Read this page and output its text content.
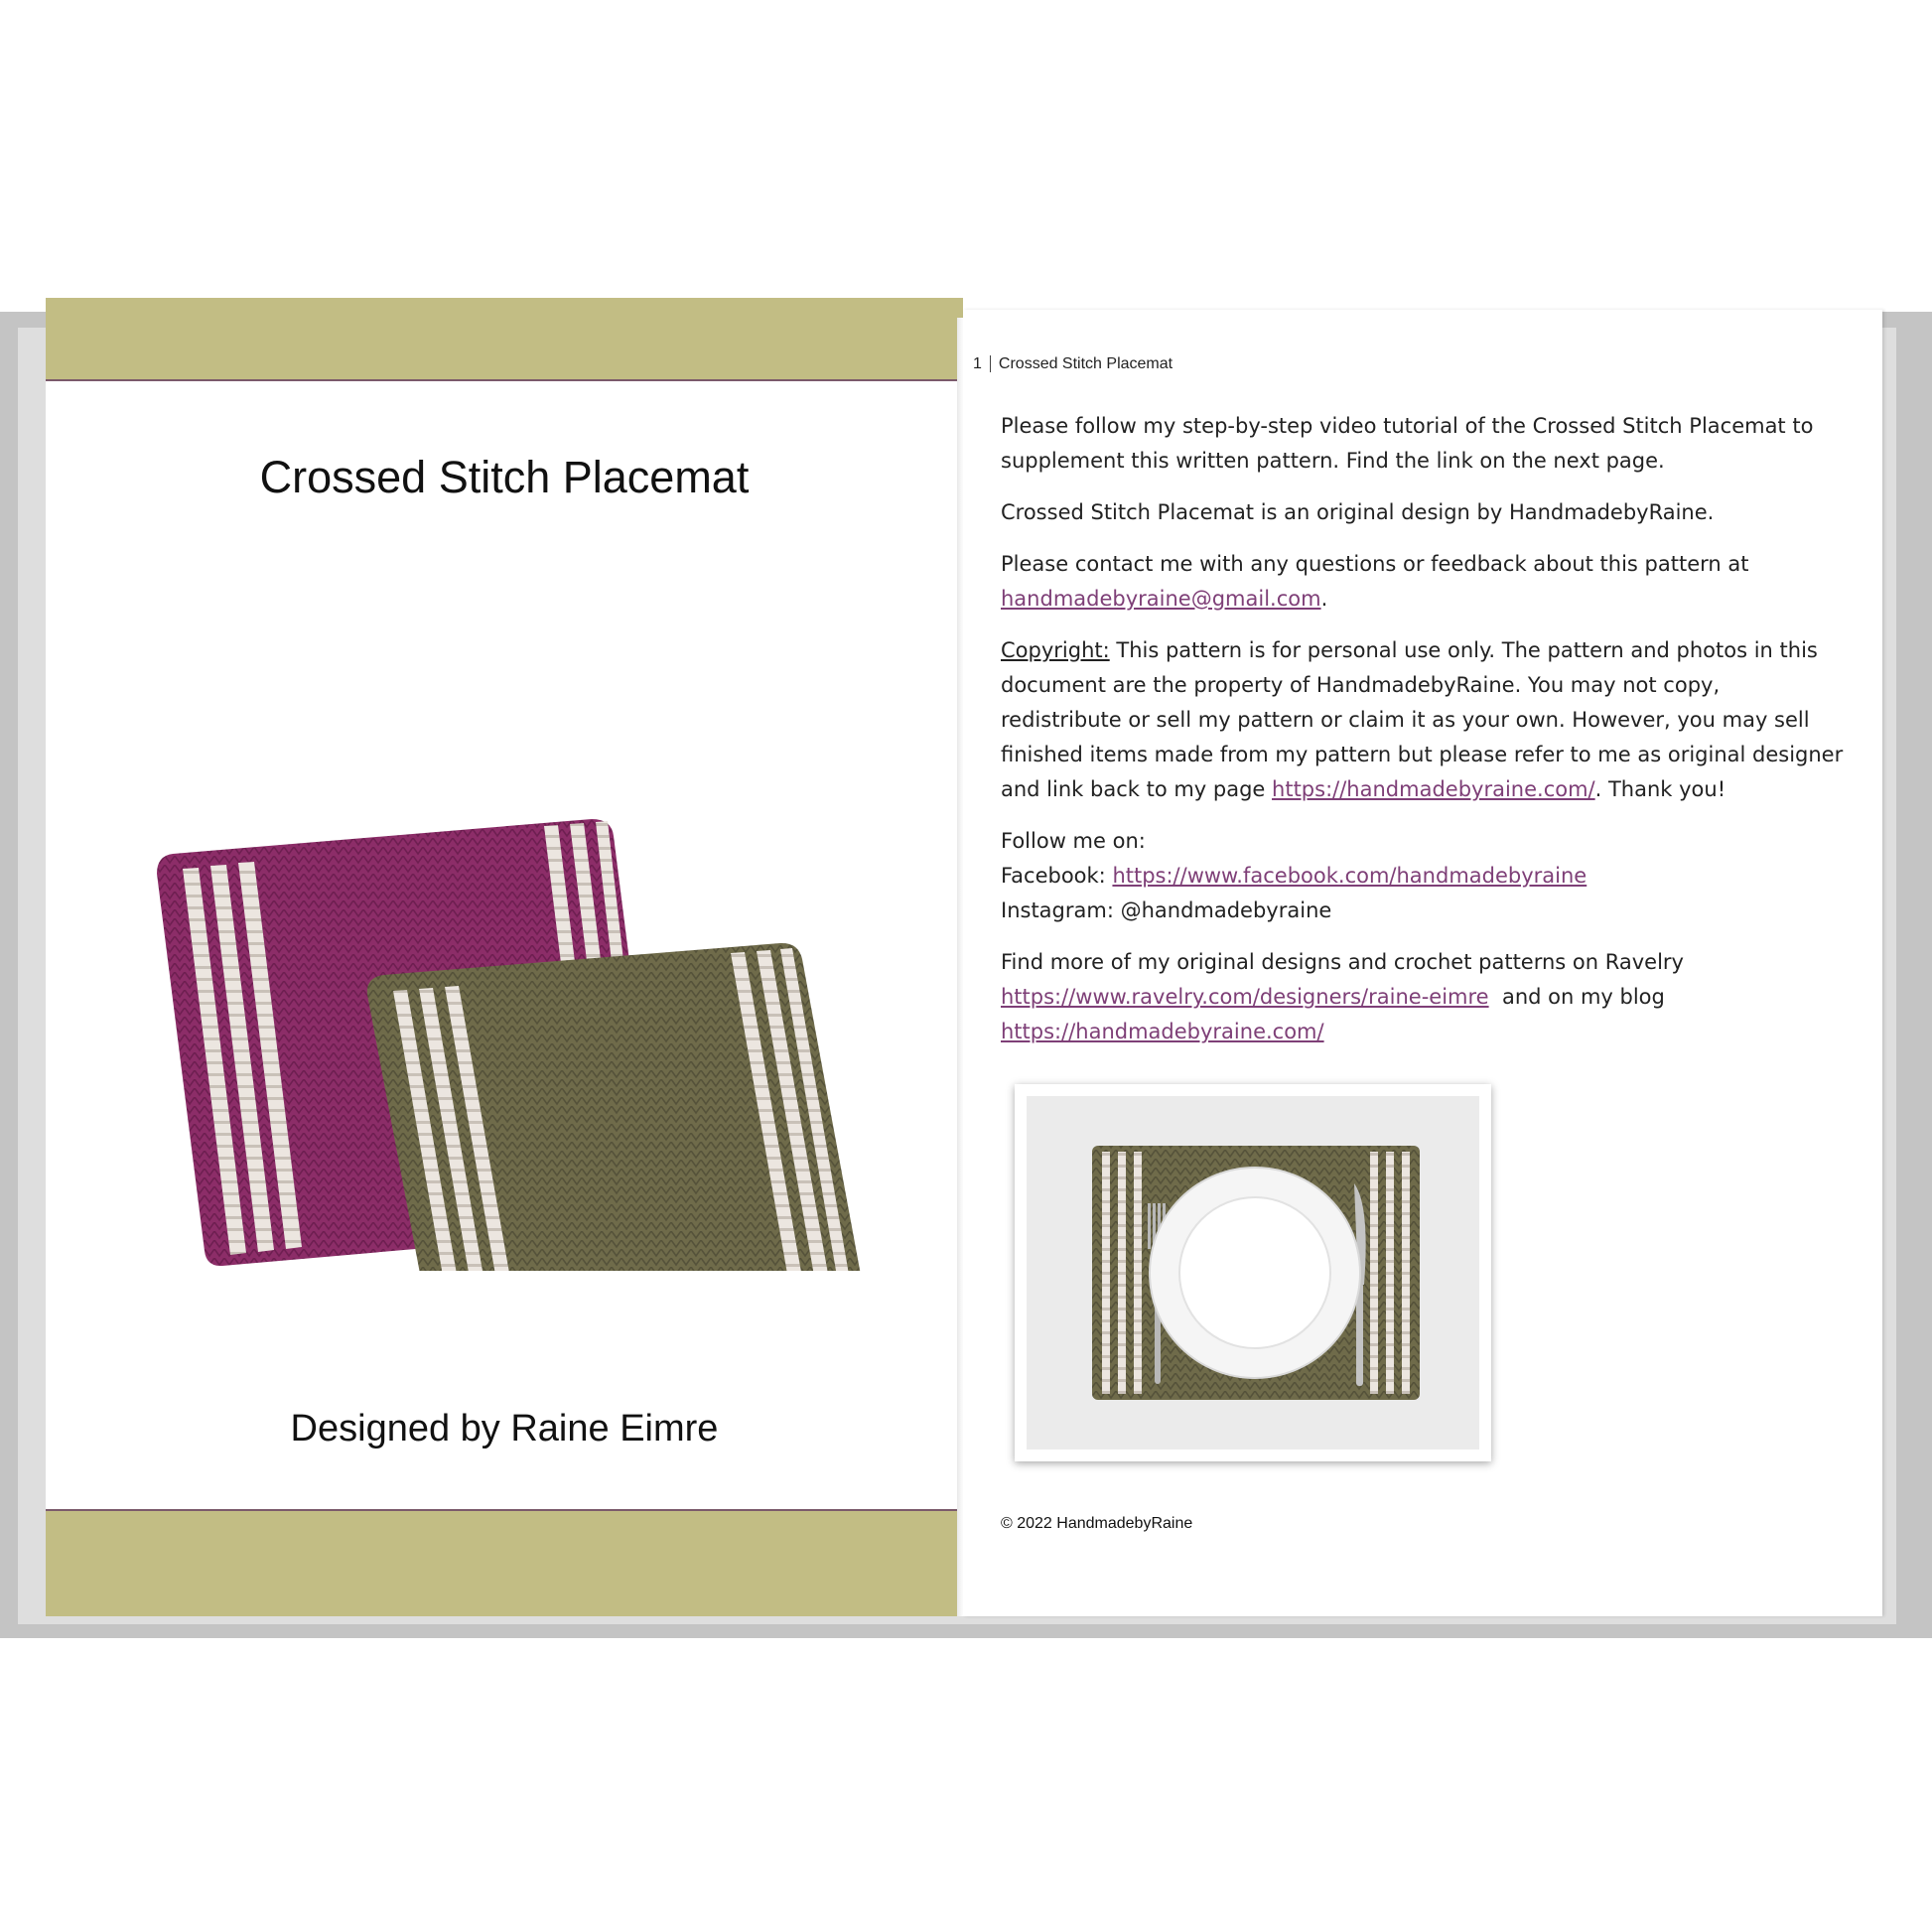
Crossed Stitch Placemat
Designed by Raine Eimre
1 Crossed Stitch Placemat

Please follow my step-by-step video tutorial of the Crossed Stitch Placemat to supplement this written pattern. Find the link on the next page.

Crossed Stitch Placemat is an original design by HandmadebyRaine.

Please contact me with any questions or feedback about this pattern at
handmadebyraine@gmail.com.

Copyright: This pattern is for personal use only. The pattern and photos in this document are the property of HandmadebyRaine. You may not copy, redistribute or sell my pattern or claim it as your own. However, you may sell finished items made from my pattern but please refer to me as original designer and link back to my page https://handmadebyraine.com/. Thank you!

Follow me on:
Facebook: https://www.facebook.com/handmadebyraine
Instagram: @handmadebyraine

Find more of my original designs and crochet patterns on Ravelry
https://www.ravelry.com/designers/raine-eimre  and on my blog
https://handmadebyraine.com/

© 2022 HandmadebyRaine
